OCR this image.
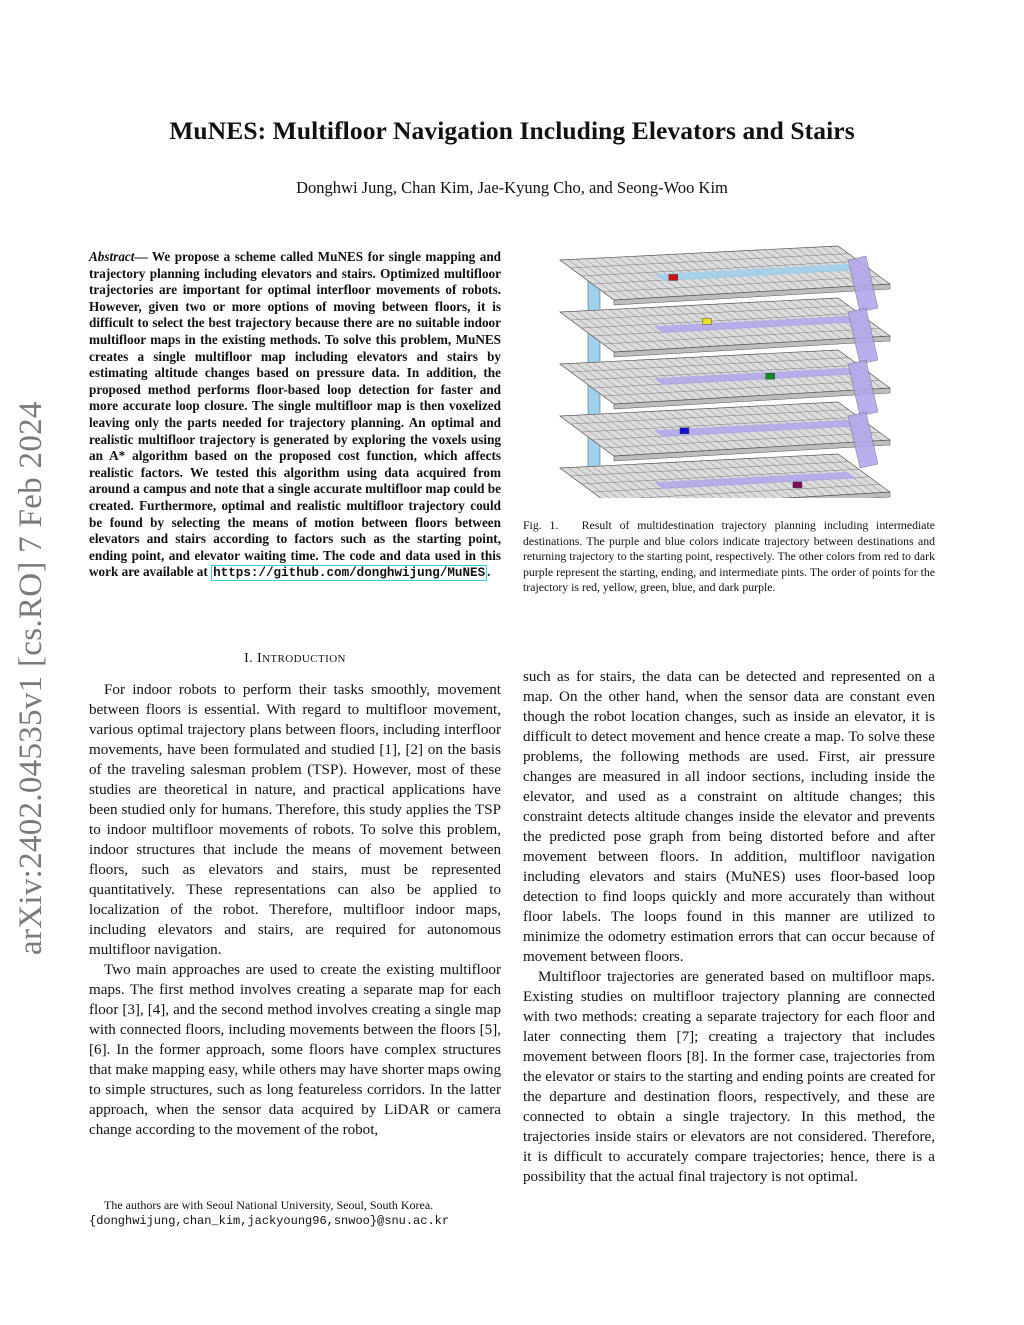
MuNES: Multifloor Navigation Including Elevators and Stairs
Donghwi Jung, Chan Kim, Jae-Kyung Cho, and Seong-Woo Kim
arXiv:2402.04535v1 [cs.RO] 7 Feb 2024
Abstract— We propose a scheme called MuNES for single mapping and trajectory planning including elevators and stairs. Optimized multifloor trajectories are important for optimal interfloor movements of robots. However, given two or more options of moving between floors, it is difficult to select the best trajectory because there are no suitable indoor multifloor maps in the existing methods. To solve this problem, MuNES creates a single multifloor map including elevators and stairs by estimating altitude changes based on pressure data. In addition, the proposed method performs floor-based loop detection for faster and more accurate loop closure. The single multifloor map is then voxelized leaving only the parts needed for trajectory planning. An optimal and realistic multifloor trajectory is generated by exploring the voxels using an A* algorithm based on the proposed cost function, which affects realistic factors. We tested this algorithm using data acquired from around a campus and note that a single accurate multifloor map could be created. Furthermore, optimal and realistic multifloor trajectory could be found by selecting the means of motion between floors between elevators and stairs according to factors such as the starting point, ending point, and elevator waiting time. The code and data used in this work are available at https://github.com/donghwijung/MuNES .
I. INTRODUCTION

For indoor robots to perform their tasks smoothly, movement between floors is essential. With regard to multifloor movement, various optimal trajectory plans between floors, including interfloor movements, have been formulated and studied [1], [2] on the basis of the traveling salesman problem (TSP). However, most of these studies are theoretical in nature, and practical applications have been studied only for humans. Therefore, this study applies the TSP to indoor multifloor movements of robots. To solve this problem, indoor structures that include the means of movement between floors, such as elevators and stairs, must be represented quantitatively. These representations can also be applied to localization of the robot. Therefore, multifloor indoor maps, including elevators and stairs, are required for autonomous multifloor navigation.

Two main approaches are used to create the existing multifloor maps. The first method involves creating a separate map for each floor [3], [4], and the second method involves creating a single map with connected floors, including movements between the floors [5], [6]. In the former approach, some floors have complex structures that make mapping easy, while others may have shorter maps owing to simple structures, such as long featureless corridors. In the latter approach, when the sensor data acquired by LiDAR or camera change according to the movement of the robot,

The authors are with Seoul National University, Seoul, South Korea.
{donghwijung,chan_kim,jackyoung96,snwoo}@snu.ac.kr
Fig. 1. Result of multidestination trajectory planning including intermediate destinations. The purple and blue colors indicate trajectory between destinations and returning trajectory to the starting point, respectively. The other colors from red to dark purple represent the starting, ending, and intermediate pints. The order of points for the trajectory is red, yellow, green, blue, and dark purple.

such as for stairs, the data can be detected and represented on a map. On the other hand, when the sensor data are constant even though the robot location changes, such as inside an elevator, it is difficult to detect movement and hence create a map. To solve these problems, the following methods are used. First, air pressure changes are measured in all indoor sections, including inside the elevator, and used as a constraint on altitude changes; this constraint detects altitude changes inside the elevator and prevents the predicted pose graph from being distorted before and after movement between floors. In addition, multifloor navigation including elevators and stairs (MuNES) uses floor-based loop detection to find loops quickly and more accurately than without floor labels. The loops found in this manner are utilized to minimize the odometry estimation errors that can occur because of movement between floors.

Multifloor trajectories are generated based on multifloor maps. Existing studies on multifloor trajectory planning are connected with two methods: creating a separate trajectory for each floor and later connecting them [7]; creating a trajectory that includes movement between floors [8]. In the former case, trajectories from the elevator or stairs to the starting and ending points are created for the departure and destination floors, respectively, and these are connected to obtain a single trajectory. In this method, the trajectories inside stairs or elevators are not considered. Therefore, it is difficult to accurately compare trajectories; hence, there is a possibility that the actual final trajectory is not optimal.
